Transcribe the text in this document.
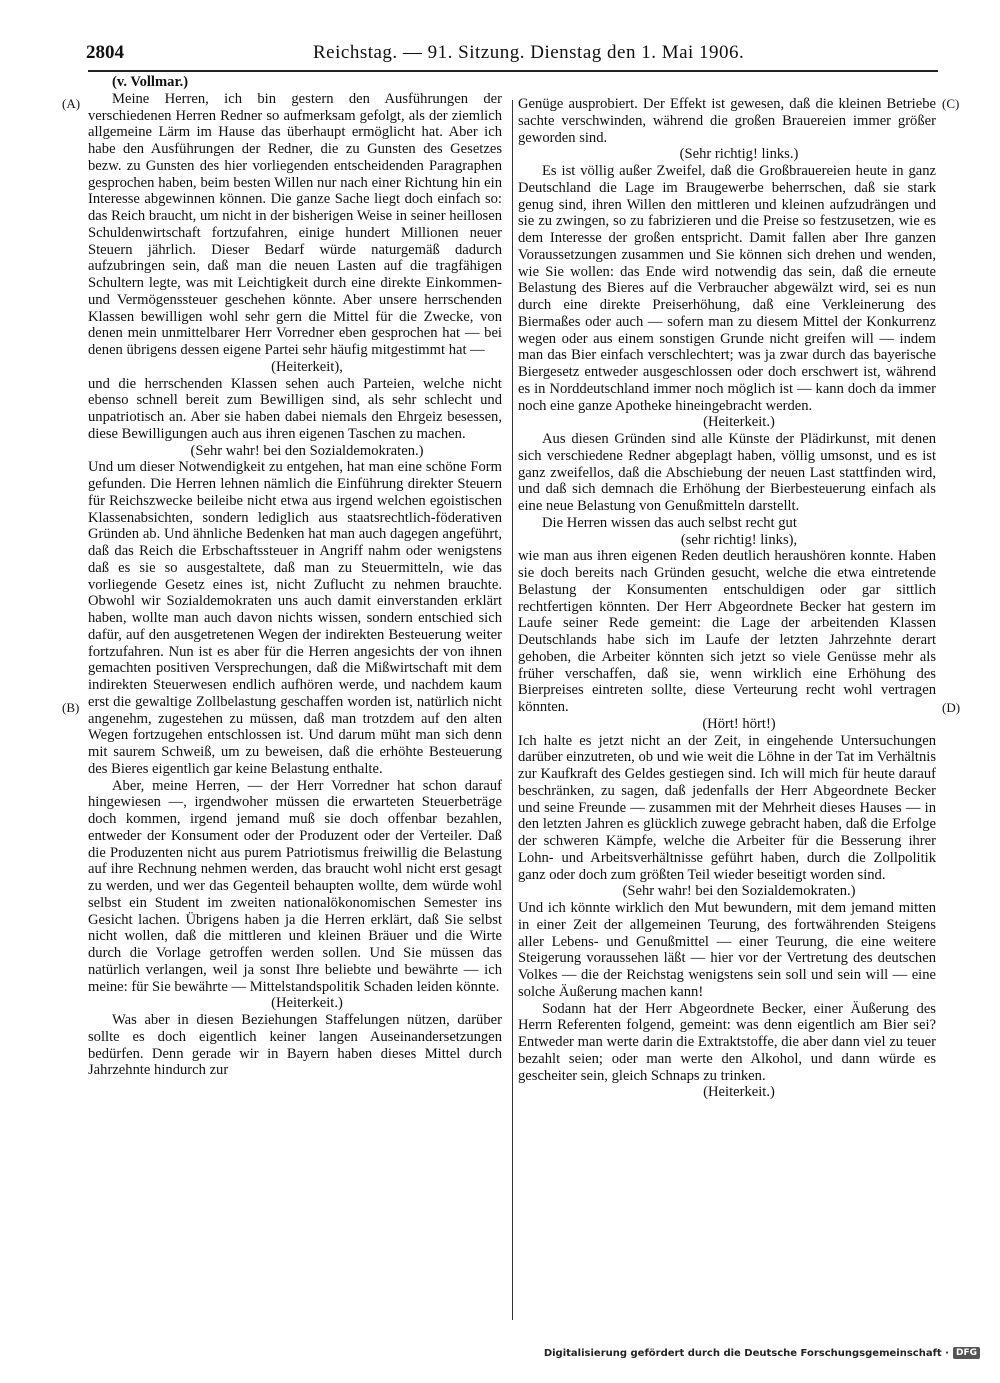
2804	Reichstag. — 91. Sitzung. Dienstag den 1. Mai 1906.
(A)
(B)
(C)
(D)

(v. Vollmar.)

Meine Herren, ich bin gestern den Ausführungen der verschiedenen Herren Redner so aufmerksam gefolgt, als der ziemlich allgemeine Lärm im Hause das überhaupt ermöglicht hat. Aber ich habe den Ausführungen der Redner, die zu Gunsten des Gesetzes bezw. zu Gunsten des hier vorliegenden entscheidenden Paragraphen gesprochen haben, beim besten Willen nur nach einer Richtung hin ein Interesse abgewinnen können. Die ganze Sache liegt doch einfach so: das Reich braucht, um nicht in der bisherigen Weise in seiner heillosen Schuldenwirtschaft fortzufahren, einige hundert Millionen neuer Steuern jährlich. Dieser Bedarf würde naturgemäß dadurch aufzubringen sein, daß man die neuen Lasten auf die tragfähigen Schultern legte, was mit Leichtigkeit durch eine direkte Einkommen- und Vermögenssteuer geschehen könnte. Aber unsere herrschenden Klassen bewilligen wohl sehr gern die Mittel für die Zwecke, von denen mein unmittelbarer Herr Vorredner eben gesprochen hat — bei denen übrigens dessen eigene Partei sehr häufig mitgestimmt hat —

(Heiterkeit),

und die herrschenden Klassen sehen auch Parteien, welche nicht ebenso schnell bereit zum Bewilligen sind, als sehr schlecht und unpatriotisch an. Aber sie haben dabei niemals den Ehrgeiz besessen, diese Bewilligungen auch aus ihren eigenen Taschen zu machen.

(Sehr wahr! bei den Sozialdemokraten.)

Und um dieser Notwendigkeit zu entgehen, hat man eine schöne Form gefunden. Die Herren lehnen nämlich die Einführung direkter Steuern für Reichszwecke beileibe nicht etwa aus irgend welchen egoistischen Klassenabsichten, sondern lediglich aus staatsrechtlich-föderativen Gründen ab. Und ähnliche Bedenken hat man auch dagegen angeführt, daß das Reich die Erbschaftssteuer in Angriff nahm oder wenigstens daß es sie so ausgestaltete, daß man zu Steuermitteln, wie das vorliegende Gesetz eines ist, nicht Zuflucht zu nehmen brauchte. Obwohl wir Sozialdemokraten uns auch damit einverstanden erklärt haben, wollte man auch davon nichts wissen, sondern entschied sich dafür, auf den ausgetretenen Wegen der indirekten Besteuerung weiter fortzufahren. Nun ist es aber für die Herren angesichts der von ihnen gemachten positiven Versprechungen, daß die Mißwirtschaft mit dem indirekten Steuerwesen endlich aufhören werde, und nachdem kaum erst die gewaltige Zollbelastung geschaffen worden ist, natürlich nicht angenehm, zugestehen zu müssen, daß man trotzdem auf den alten Wegen fortzugehen entschlossen ist. Und darum müht man sich denn mit saurem Schweiß, um zu beweisen, daß die erhöhte Besteuerung des Bieres eigentlich gar keine Belastung enthalte.

Aber, meine Herren, — der Herr Vorredner hat schon darauf hingewiesen —, irgendwoher müssen die erwarteten Steuerbeträge doch kommen, irgend jemand muß sie doch offenbar bezahlen, entweder der Konsument oder der Produzent oder der Verteiler. Daß die Produzenten nicht aus purem Patriotismus freiwillig die Belastung auf ihre Rechnung nehmen werden, das braucht wohl nicht erst gesagt zu werden, und wer das Gegenteil behaupten wollte, dem würde wohl selbst ein Student im zweiten nationalökonomischen Semester ins Gesicht lachen. Übrigens haben ja die Herren erklärt, daß Sie selbst nicht wollen, daß die mittleren und kleinen Bräuer und die Wirte durch die Vorlage getroffen werden sollen. Und Sie müssen das natürlich verlangen, weil ja sonst Ihre beliebte und bewährte — ich meine: für Sie bewährte — Mittelstandspolitik Schaden leiden könnte.

(Heiterkeit.)

Was aber in diesen Beziehungen Staffelungen nützen, darüber sollte es doch eigentlich keiner langen Auseinandersetzungen bedürfen. Denn gerade wir in Bayern haben dieses Mittel durch Jahrzehnte hindurch zur

Genüge ausprobiert. Der Effekt ist gewesen, daß die kleinen Betriebe sachte verschwinden, während die großen Brauereien immer größer geworden sind.

(Sehr richtig! links.)

Es ist völlig außer Zweifel, daß die Großbrauereien heute in ganz Deutschland die Lage im Braugewerbe beherrschen, daß sie stark genug sind, ihren Willen den mittleren und kleinen aufzudrängen und sie zu zwingen, so zu fabrizieren und die Preise so festzusetzen, wie es dem Interesse der großen entspricht. Damit fallen aber Ihre ganzen Voraussetzungen zusammen und Sie können sich drehen und wenden, wie Sie wollen: das Ende wird notwendig das sein, daß die erneute Belastung des Bieres auf die Verbraucher abgewälzt wird, sei es nun durch eine direkte Preiserhöhung, daß eine Verkleinerung des Biermaßes oder auch — sofern man zu diesem Mittel der Konkurrenz wegen oder aus einem sonstigen Grunde nicht greifen will — indem man das Bier einfach verschlechtert; was ja zwar durch das bayerische Biergesetz entweder ausgeschlossen oder doch erschwert ist, während es in Norddeutschland immer noch möglich ist — kann doch da immer noch eine ganze Apotheke hineingebracht werden.

(Heiterkeit.)

Aus diesen Gründen sind alle Künste der Plädirkunst, mit denen sich verschiedene Redner abgeplagt haben, völlig umsonst, und es ist ganz zweifellos, daß die Abschiebung der neuen Last stattfinden wird, und daß sich demnach die Erhöhung der Bierbesteuerung einfach als eine neue Belastung von Genußmitteln darstellt.

Die Herren wissen das auch selbst recht gut

(sehr richtig! links),

wie man aus ihren eigenen Reden deutlich heraushören konnte. Haben sie doch bereits nach Gründen gesucht, welche die etwa eintretende Belastung der Konsumenten entschuldigen oder gar sittlich rechtfertigen könnten. Der Herr Abgeordnete Becker hat gestern im Laufe seiner Rede gemeint: die Lage der arbeitenden Klassen Deutschlands habe sich im Laufe der letzten Jahrzehnte derart gehoben, die Arbeiter könnten sich jetzt so viele Genüsse mehr als früher verschaffen, daß sie, wenn wirklich eine Erhöhung des Bierpreises eintreten sollte, diese Verteurung recht wohl vertragen könnten.

(Hört! hört!)

Ich halte es jetzt nicht an der Zeit, in eingehende Untersuchungen darüber einzutreten, ob und wie weit die Löhne in der Tat im Verhältnis zur Kaufkraft des Geldes gestiegen sind. Ich will mich für heute darauf beschränken, zu sagen, daß jedenfalls der Herr Abgeordnete Becker und seine Freunde — zusammen mit der Mehrheit dieses Hauses — in den letzten Jahren es glücklich zuwege gebracht haben, daß die Erfolge der schweren Kämpfe, welche die Arbeiter für die Besserung ihrer Lohn- und Arbeitsverhältnisse geführt haben, durch die Zollpolitik ganz oder doch zum größten Teil wieder beseitigt worden sind.

(Sehr wahr! bei den Sozialdemokraten.)

Und ich könnte wirklich den Mut bewundern, mit dem jemand mitten in einer Zeit der allgemeinen Teurung, des fortwährenden Steigens aller Lebens- und Genußmittel — einer Teurung, die eine weitere Steigerung voraussehen läßt — hier vor der Vertretung des deutschen Volkes — die der Reichstag wenigstens sein soll und sein will — eine solche Äußerung machen kann!

Sodann hat der Herr Abgeordnete Becker, einer Äußerung des Herrn Referenten folgend, gemeint: was denn eigentlich am Bier sei? Entweder man werte darin die Extraktstoffe, die aber dann viel zu teuer bezahlt seien; oder man werte den Alkohol, und dann würde es gescheiter sein, gleich Schnaps zu trinken.

(Heiterkeit.)

Digitalisierung gefördert durch die Deutsche Forschungsgemeinschaft · DFG
